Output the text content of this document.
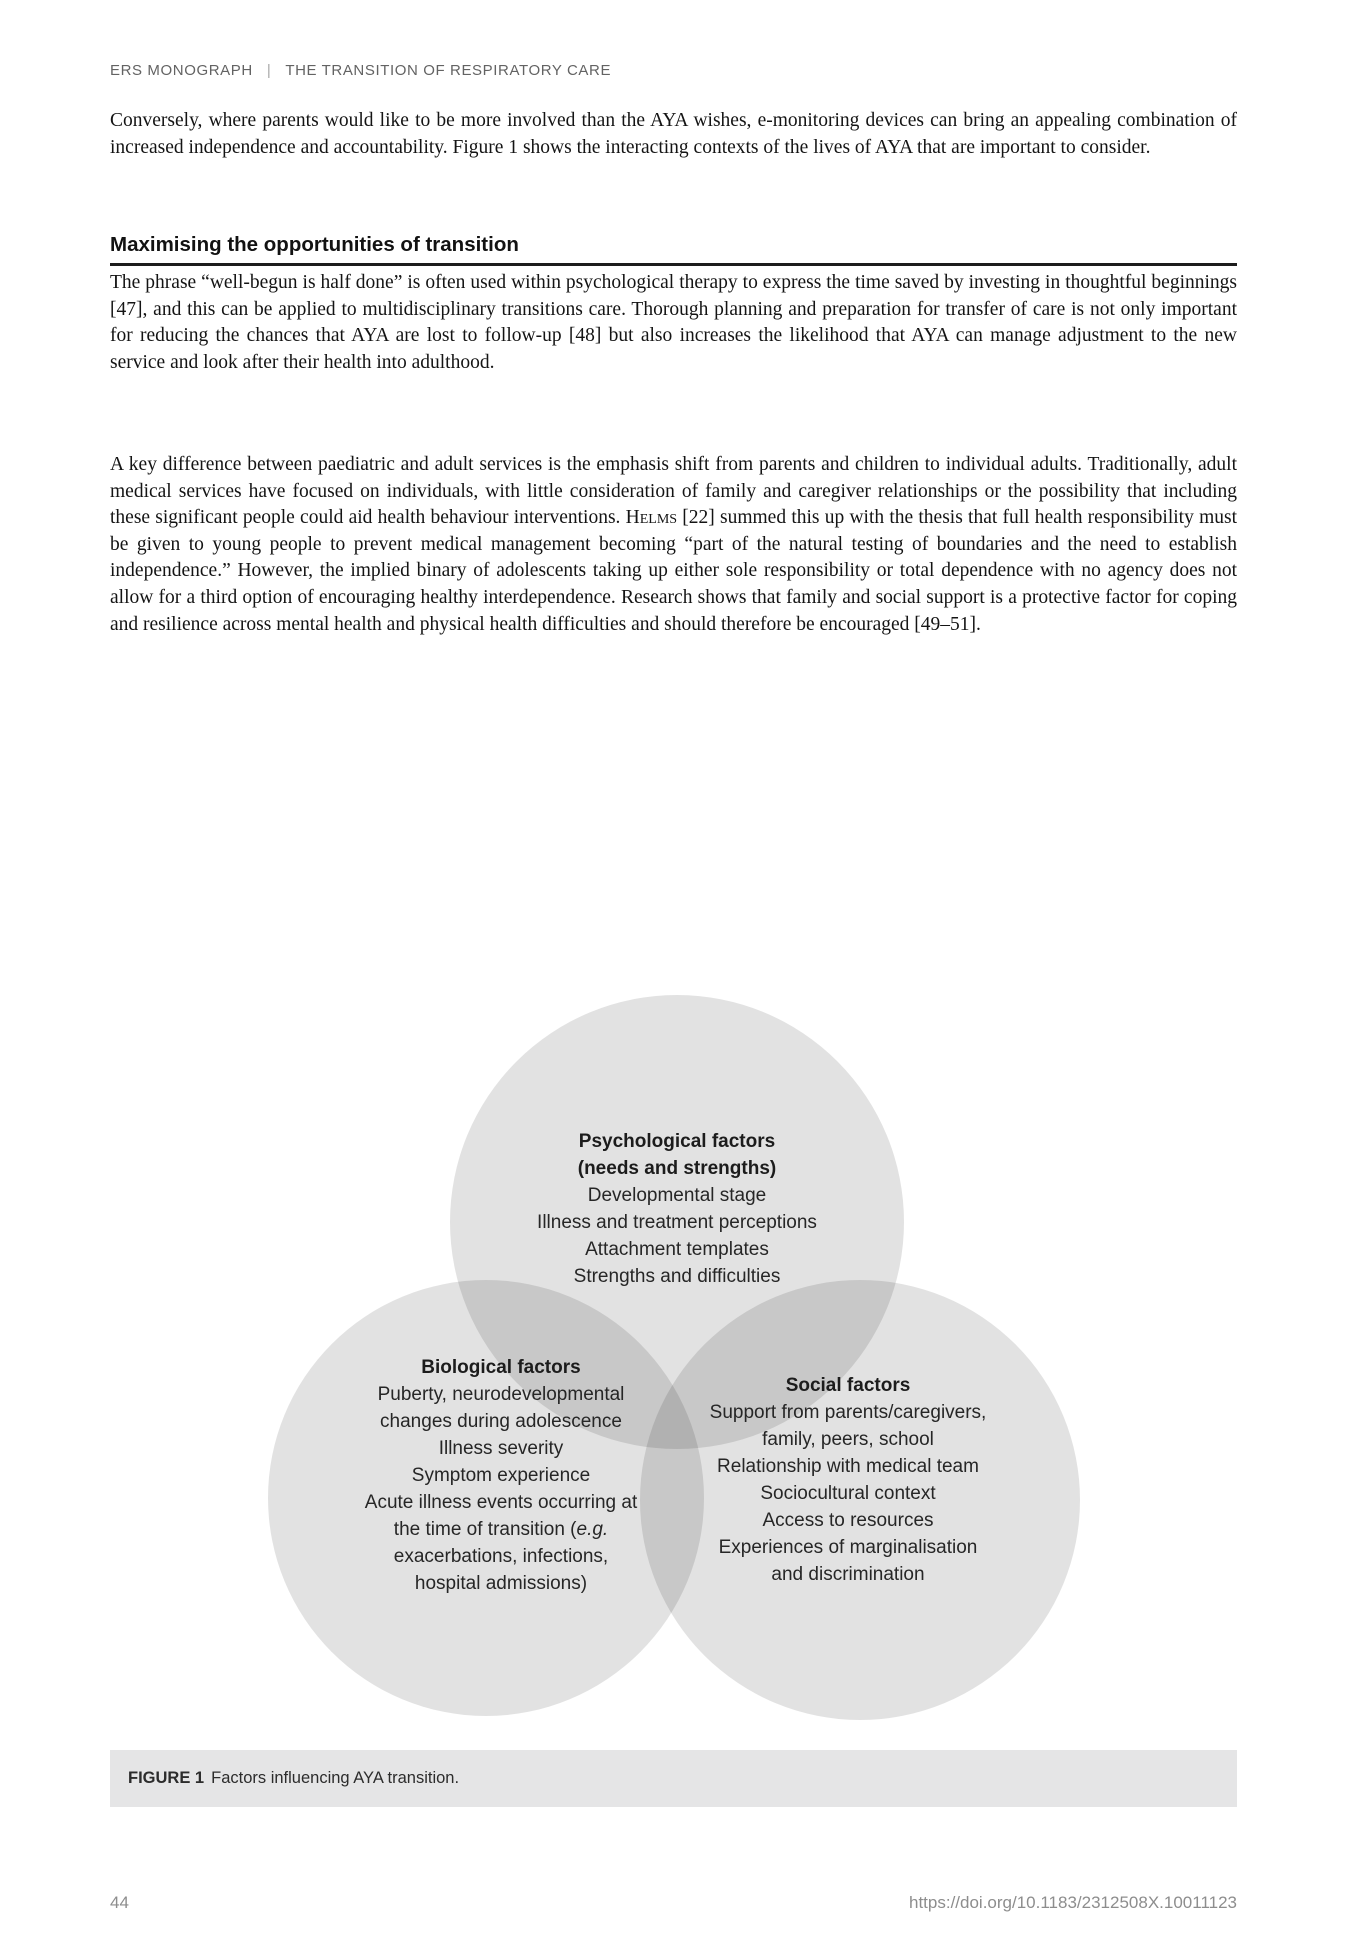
ERS MONOGRAPH | THE TRANSITION OF RESPIRATORY CARE

Conversely, where parents would like to be more involved than the AYA wishes, e-monitoring devices can bring an appealing combination of increased independence and accountability. Figure 1 shows the interacting contexts of the lives of AYA that are important to consider.

Maximising the opportunities of transition

The phrase “well-begun is half done” is often used within psychological therapy to express the time saved by investing in thoughtful beginnings [47], and this can be applied to multidisciplinary transitions care. Thorough planning and preparation for transfer of care is not only important for reducing the chances that AYA are lost to follow-up [48] but also increases the likelihood that AYA can manage adjustment to the new service and look after their health into adulthood.

A key difference between paediatric and adult services is the emphasis shift from parents and children to individual adults. Traditionally, adult medical services have focused on individuals, with little consideration of family and caregiver relationships or the possibility that including these significant people could aid health behaviour interventions. Helms [22] summed this up with the thesis that full health responsibility must be given to young people to prevent medical management becoming “part of the natural testing of boundaries and the need to establish independence.” However, the implied binary of adolescents taking up either sole responsibility or total dependence with no agency does not allow for a third option of encouraging healthy interdependence. Research shows that family and social support is a protective factor for coping and resilience across mental health and physical health difficulties and should therefore be encouraged [49–51].

Psychological factors
(needs and strengths)
Developmental stage
Illness and treatment perceptions
Attachment templates
Strengths and difficulties
Biological factors
Puberty, neurodevelopmental
changes during adolescence
Illness severity
Symptom experience
Acute illness events occurring at
the time of transition (e.g.
exacerbations, infections,
hospital admissions)
Social factors
Support from parents/caregivers,
family, peers, school
Relationship with medical team
Sociocultural context
Access to resources
Experiences of marginalisation
and discrimination
FIGURE 1 Factors influencing AYA transition.
44	https://doi.org/10.1183/2312508X.10011123
